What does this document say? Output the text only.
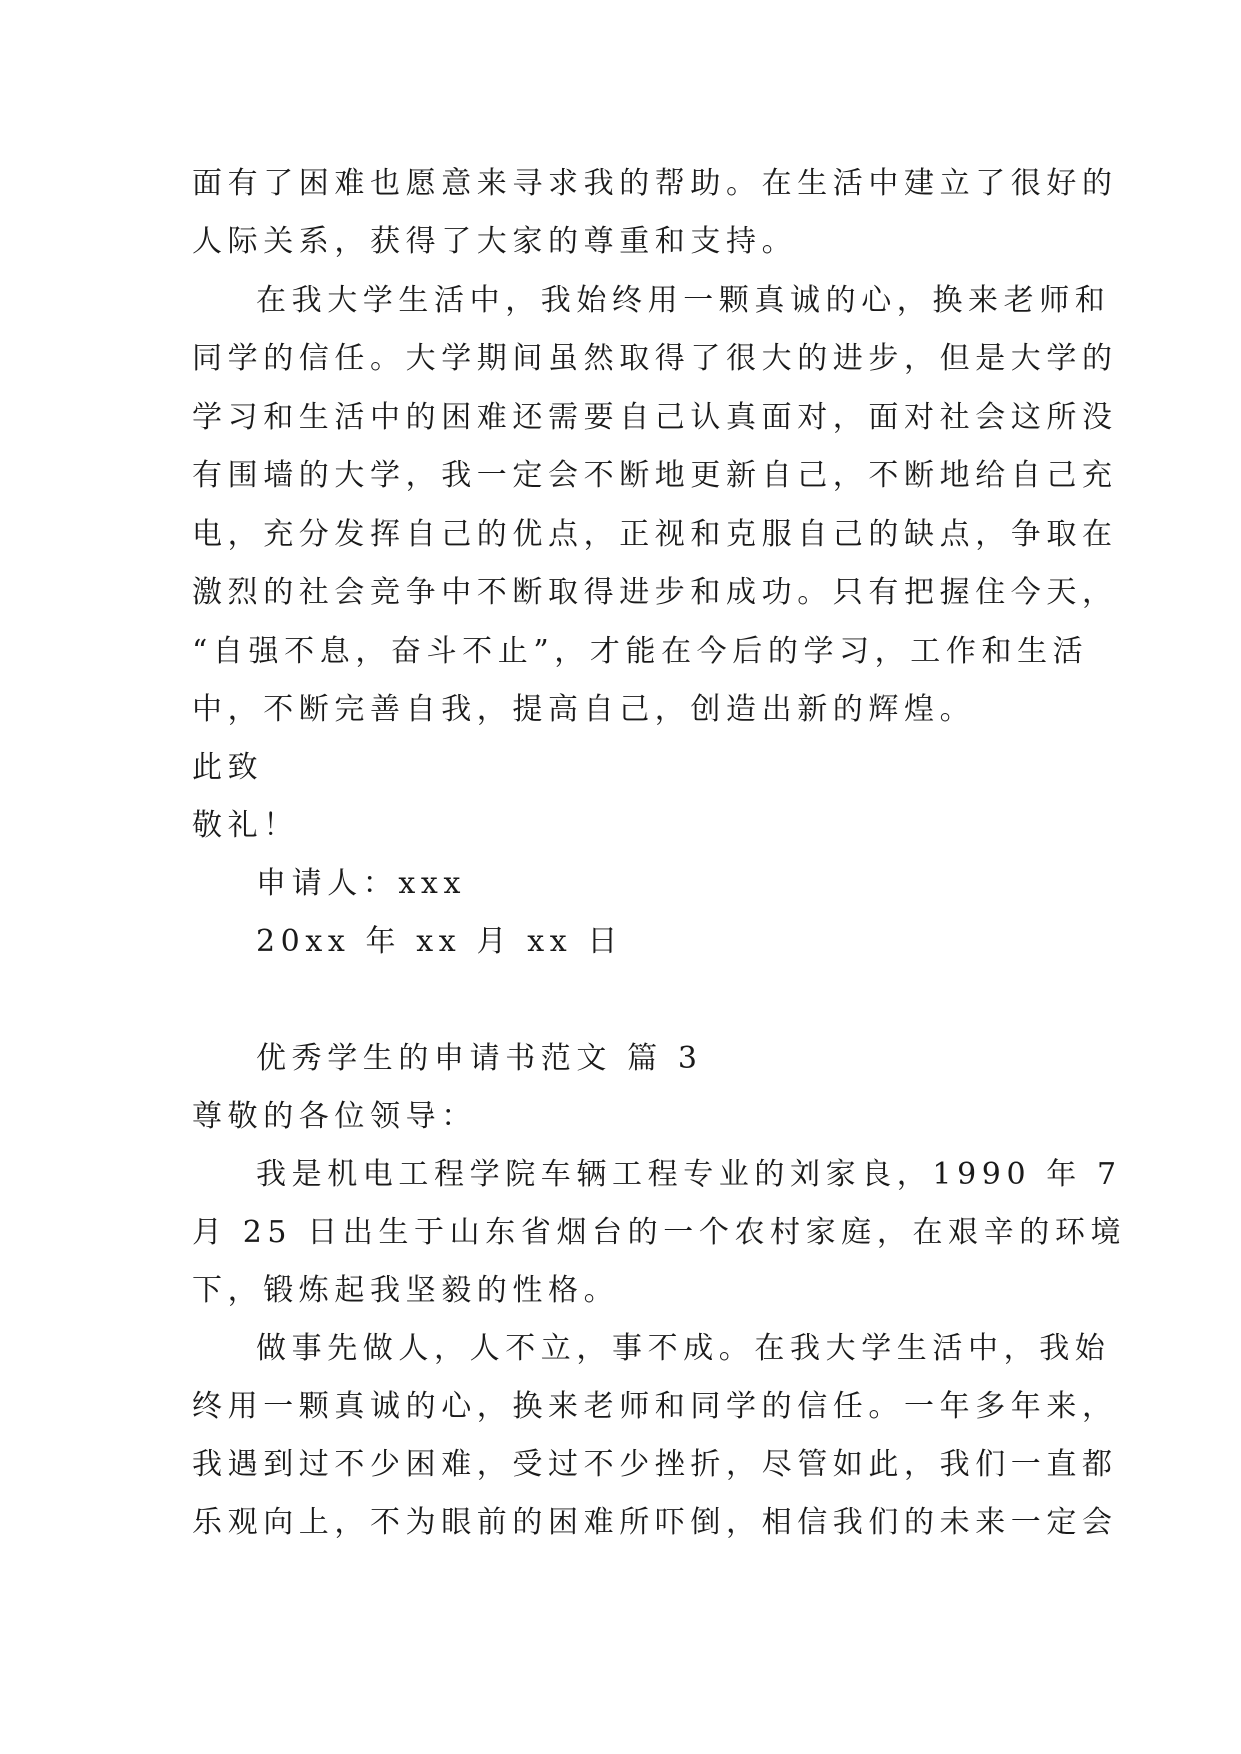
面有了困难也愿意来寻求我的帮助。在生活中建立了很好的
人际关系，获得了大家的尊重和支持。
在我大学生活中，我始终用一颗真诚的心，换来老师和
同学的信任。大学期间虽然取得了很大的进步，但是大学的
学习和生活中的困难还需要自己认真面对，面对社会这所没
有围墙的大学，我一定会不断地更新自己，不断地给自己充
电，充分发挥自己的优点，正视和克服自己的缺点，争取在
激烈的社会竞争中不断取得进步和成功。只有把握住今天，
“自强不息，奋斗不止”，才能在今后的学习，工作和生活
中，不断完善自我，提高自己，创造出新的辉煌。
此致
敬礼！
申请人：xxx
20xx 年 xx 月 xx 日
优秀学生的申请书范文 篇 3
尊敬的各位领导：
我是机电工程学院车辆工程专业的刘家良，1990 年 7
月 25 日出生于山东省烟台的一个农村家庭，在艰辛的环境
下，锻炼起我坚毅的性格。
做事先做人，人不立，事不成。在我大学生活中，我始
终用一颗真诚的心，换来老师和同学的信任。一年多年来，
我遇到过不少困难，受过不少挫折，尽管如此，我们一直都
乐观向上，不为眼前的困难所吓倒，相信我们的未来一定会
